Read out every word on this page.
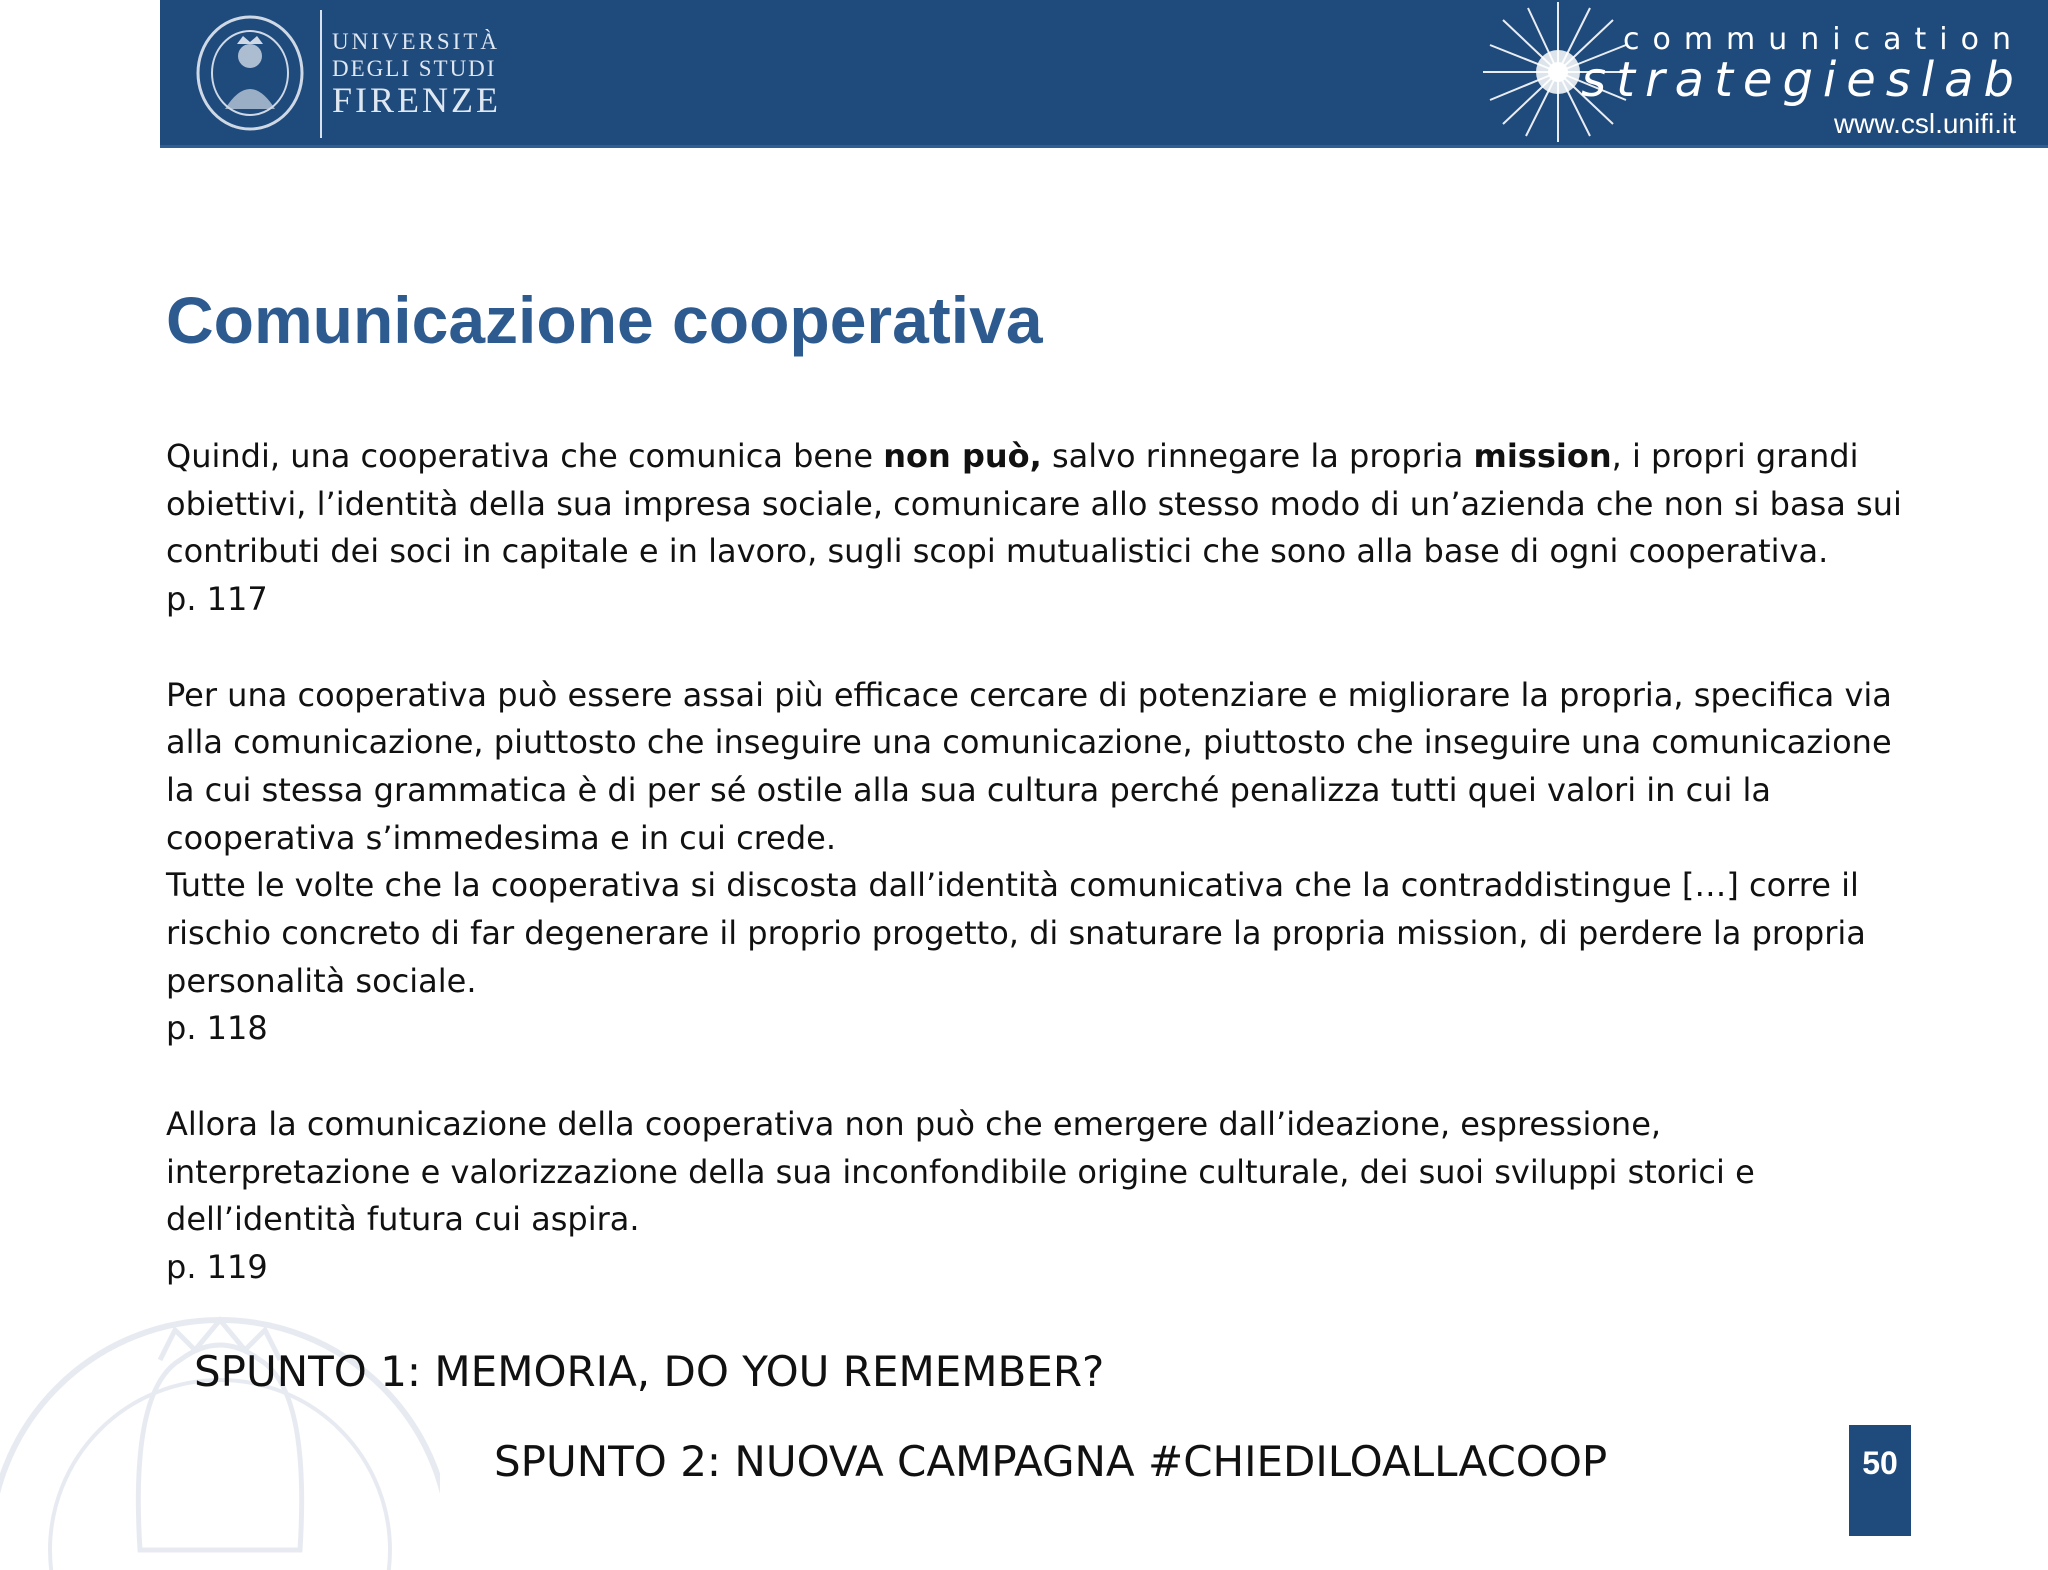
UNIVERSITÀ
DEGLI STUDI
FIRENZE
communication
strategieslab
www.csl.unifi.it
Comunicazione cooperativa
Quindi, una cooperativa che comunica bene non può, salvo rinnegare la propria mission, i propri grandi obiettivi, l’identità della sua impresa sociale, comunicare allo stesso modo di un’azienda che non si basa sui contributi dei soci in capitale e in lavoro, sugli scopi mutualistici che sono alla base di ogni cooperativa.
p. 117
Per una cooperativa può essere assai più efficace cercare di potenziare e migliorare la propria, specifica via alla comunicazione, piuttosto che inseguire una comunicazione, piuttosto che inseguire una comunicazione la cui stessa grammatica è di per sé ostile alla sua cultura perché penalizza tutti quei valori in cui la cooperativa s’immedesima e in cui crede.
Tutte le volte che la cooperativa si discosta dall’identità comunicativa che la contraddistingue […] corre il rischio concreto di far degenerare il proprio progetto, di snaturare la propria mission, di perdere la propria personalità sociale.
p. 118
Allora la comunicazione della cooperativa non può che emergere dall’ideazione, espressione, interpretazione e valorizzazione della sua inconfondibile origine culturale, dei suoi sviluppi storici e dell’identità futura cui aspira.
p. 119
SPUNTO 1: MEMORIA, DO YOU REMEMBER?
SPUNTO 2: NUOVA CAMPAGNA #CHIEDILOALLACOOP	50
